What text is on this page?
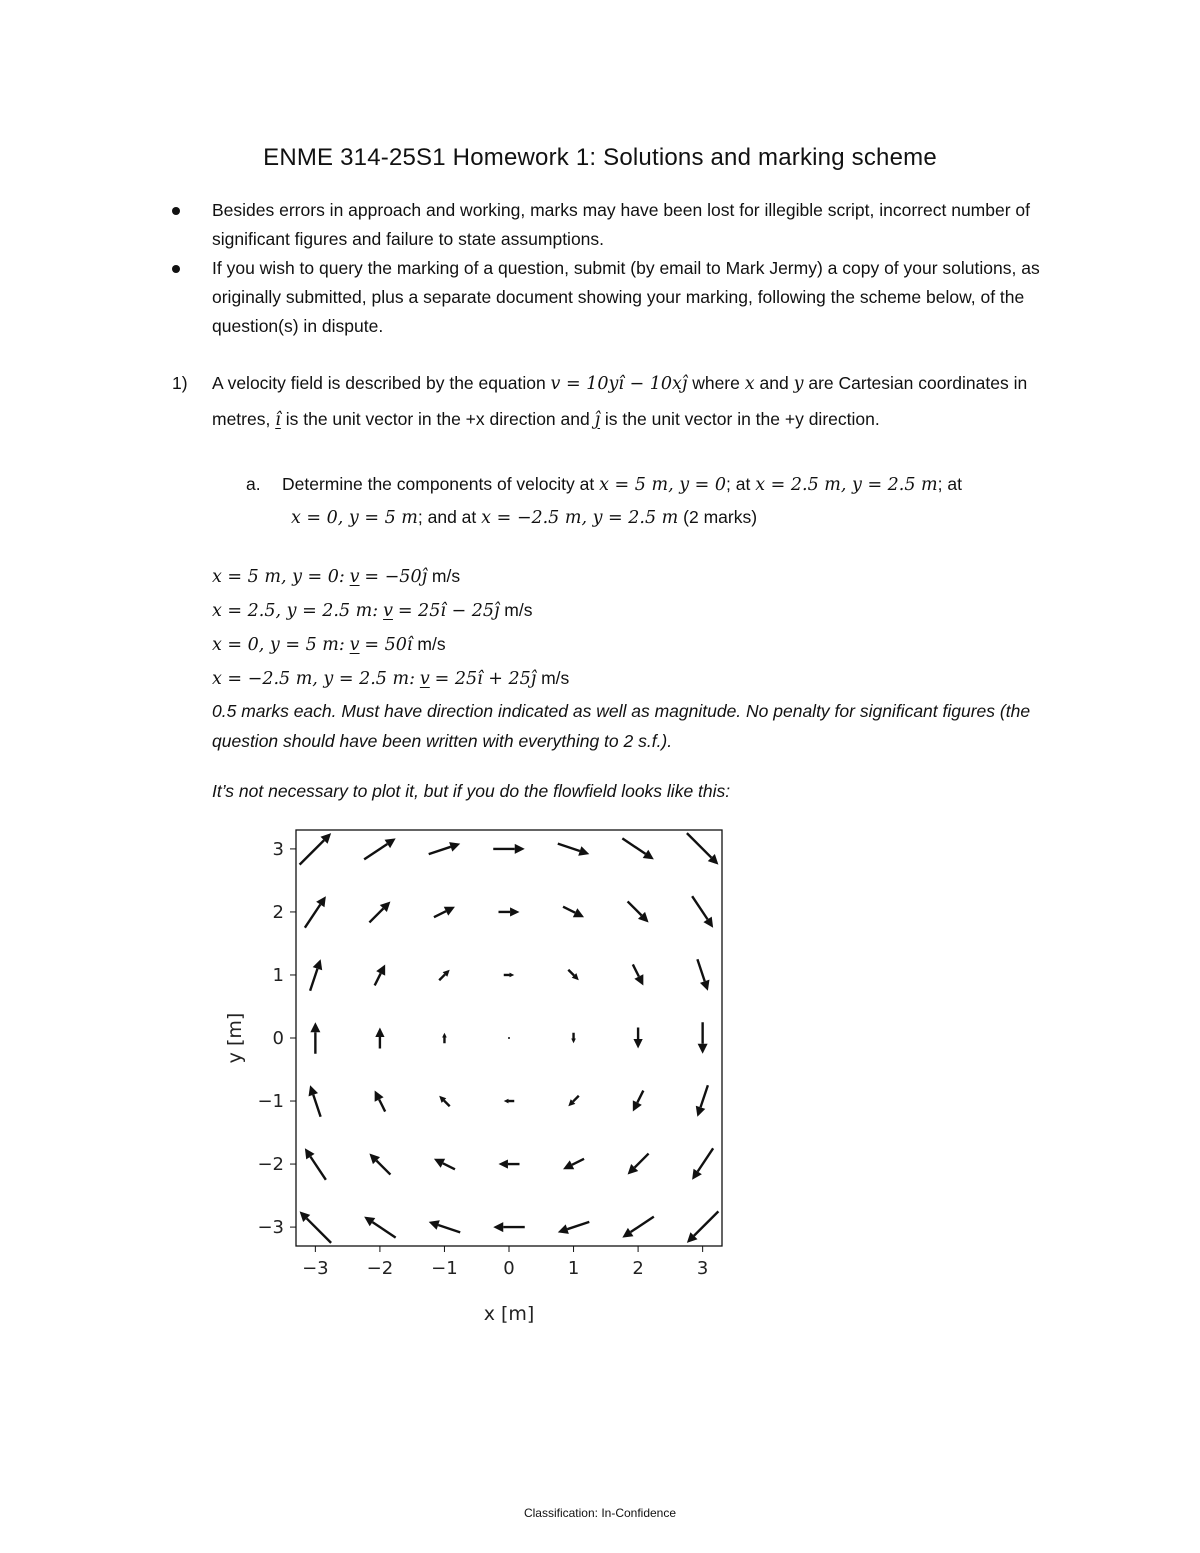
ENME 314-25S1 Homework 1: Solutions and marking scheme
Besides errors in approach and working, marks may have been lost for illegible script, incorrect number of significant figures and failure to state assumptions.
If you wish to query the marking of a question, submit (by email to Mark Jermy) a copy of your solutions, as originally submitted, plus a separate document showing your marking, following the scheme below, of the question(s) in dispute.
1) A velocity field is described by the equation v = 10yî − 10xĵ where x and y are Cartesian coordinates in metres, î is the unit vector in the +x direction and ĵ is the unit vector in the +y direction.
a. Determine the components of velocity at x = 5 m, y = 0; at x = 2.5 m, y = 2.5 m; at
x = 0, y = 5 m; and at x = −2.5 m, y = 2.5 m (2 marks)
x = 5 m, y = 0: v = −50ĵ m/s
x = 2.5, y = 2.5 m: v = 25î − 25ĵ m/s
x = 0, y = 5 m: v = 50î m/s
x = −2.5 m, y = 2.5 m: v = 25î + 25ĵ m/s
0.5 marks each. Must have direction indicated as well as magnitude. No penalty for significant figures (the question should have been written with everything to 2 s.f.).
It’s not necessary to plot it, but if you do the flowfield looks like this:
−3 −2 −1	0	1	2	3
3
2
1
0
−1
−2
−3
x [m]
y [m]
Classification: In-Confidence
